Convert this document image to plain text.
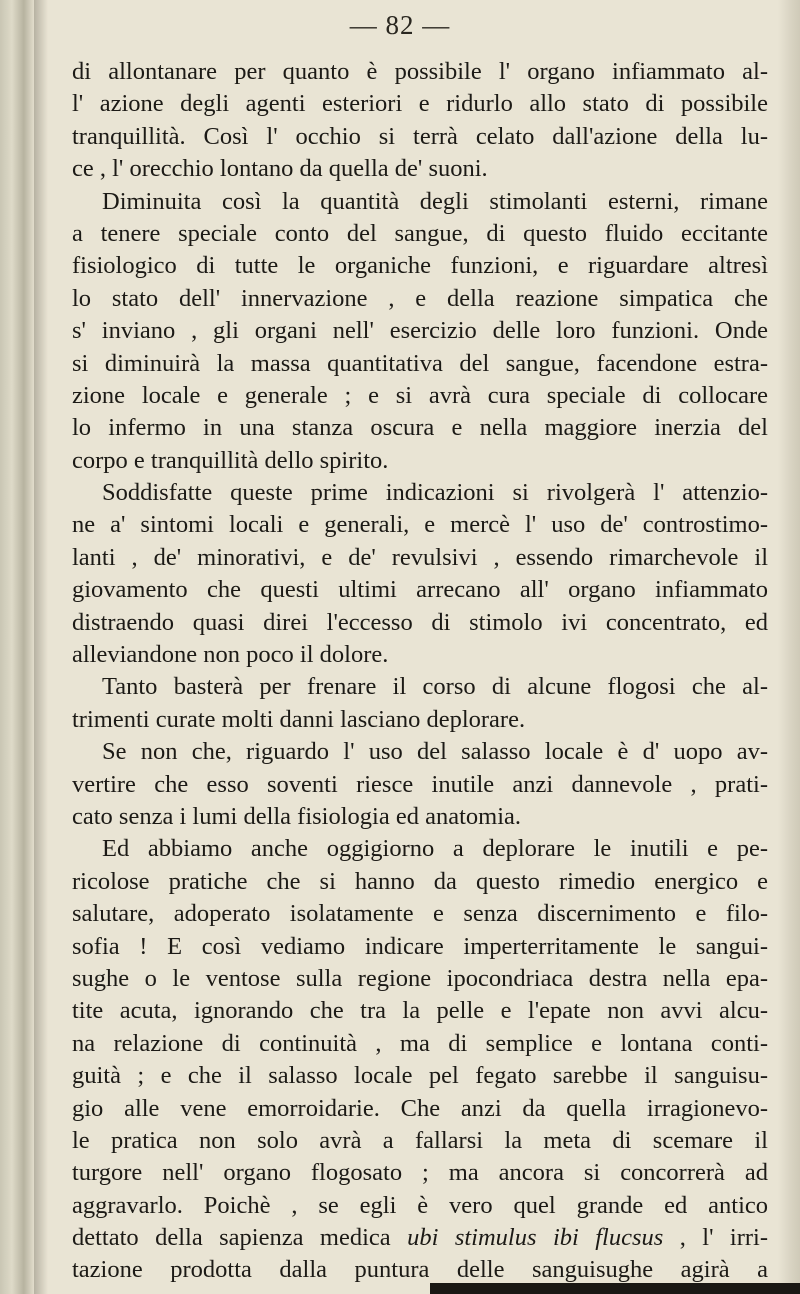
— 82 —
di allontanare per quanto è possibile l' organo infiammato al-
l' azione degli agenti esteriori e ridurlo allo stato di possibile
tranquillità. Così l' occhio si terrà celato dall'azione della lu-
ce , l' orecchio lontano da quella de' suoni.
Diminuita così la quantità degli stimolanti esterni, rimane
a tenere speciale conto del sangue, di questo fluido eccitante
fisiologico di tutte le organiche funzioni, e riguardare altresì
lo stato dell' innervazione , e della reazione simpatica che
s' inviano , gli organi nell' esercizio delle loro funzioni. Onde
si diminuirà la massa quantitativa del sangue, facendone estra-
zione locale e generale ; e si avrà cura speciale di collocare
lo infermo in una stanza oscura e nella maggiore inerzia del
corpo e tranquillità dello spirito.
Soddisfatte queste prime indicazioni si rivolgerà l' attenzio-
ne a' sintomi locali e generali, e mercè l' uso de' controstimo-
lanti , de' minorativi, e de' revulsivi , essendo rimarchevole il
giovamento che questi ultimi arrecano all' organo infiammato
distraendo quasi direi l'eccesso di stimolo ivi concentrato, ed
alleviandone non poco il dolore.
Tanto basterà per frenare il corso di alcune flogosi che al-
trimenti curate molti danni lasciano deplorare.
Se non che, riguardo l' uso del salasso locale è d' uopo av-
vertire che esso soventi riesce inutile anzi dannevole , prati-
cato senza i lumi della fisiologia ed anatomia.
Ed abbiamo anche oggigiorno a deplorare le inutili e pe-
ricolose pratiche che si hanno da questo rimedio energico e
salutare, adoperato isolatamente e senza discernimento e filo-
sofia ! E così vediamo indicare imperterritamente le sangui-
sughe o le ventose sulla regione ipocondriaca destra nella epa-
tite acuta, ignorando che tra la pelle e l'epate non avvi alcu-
na relazione di continuità , ma di semplice e lontana conti-
guità ; e che il salasso locale pel fegato sarebbe il sanguisu-
gio alle vene emorroidarie. Che anzi da quella irragionevo-
le pratica non solo avrà a fallarsi la meta di scemare il
turgore nell' organo flogosato ; ma ancora si concorrerà ad
aggravarlo. Poichè , se egli è vero quel grande ed antico
dettato della sapienza medica ubi stimulus ibi flucsus , l' irri-
tazione prodotta dalla puntura delle sanguisughe agirà a
